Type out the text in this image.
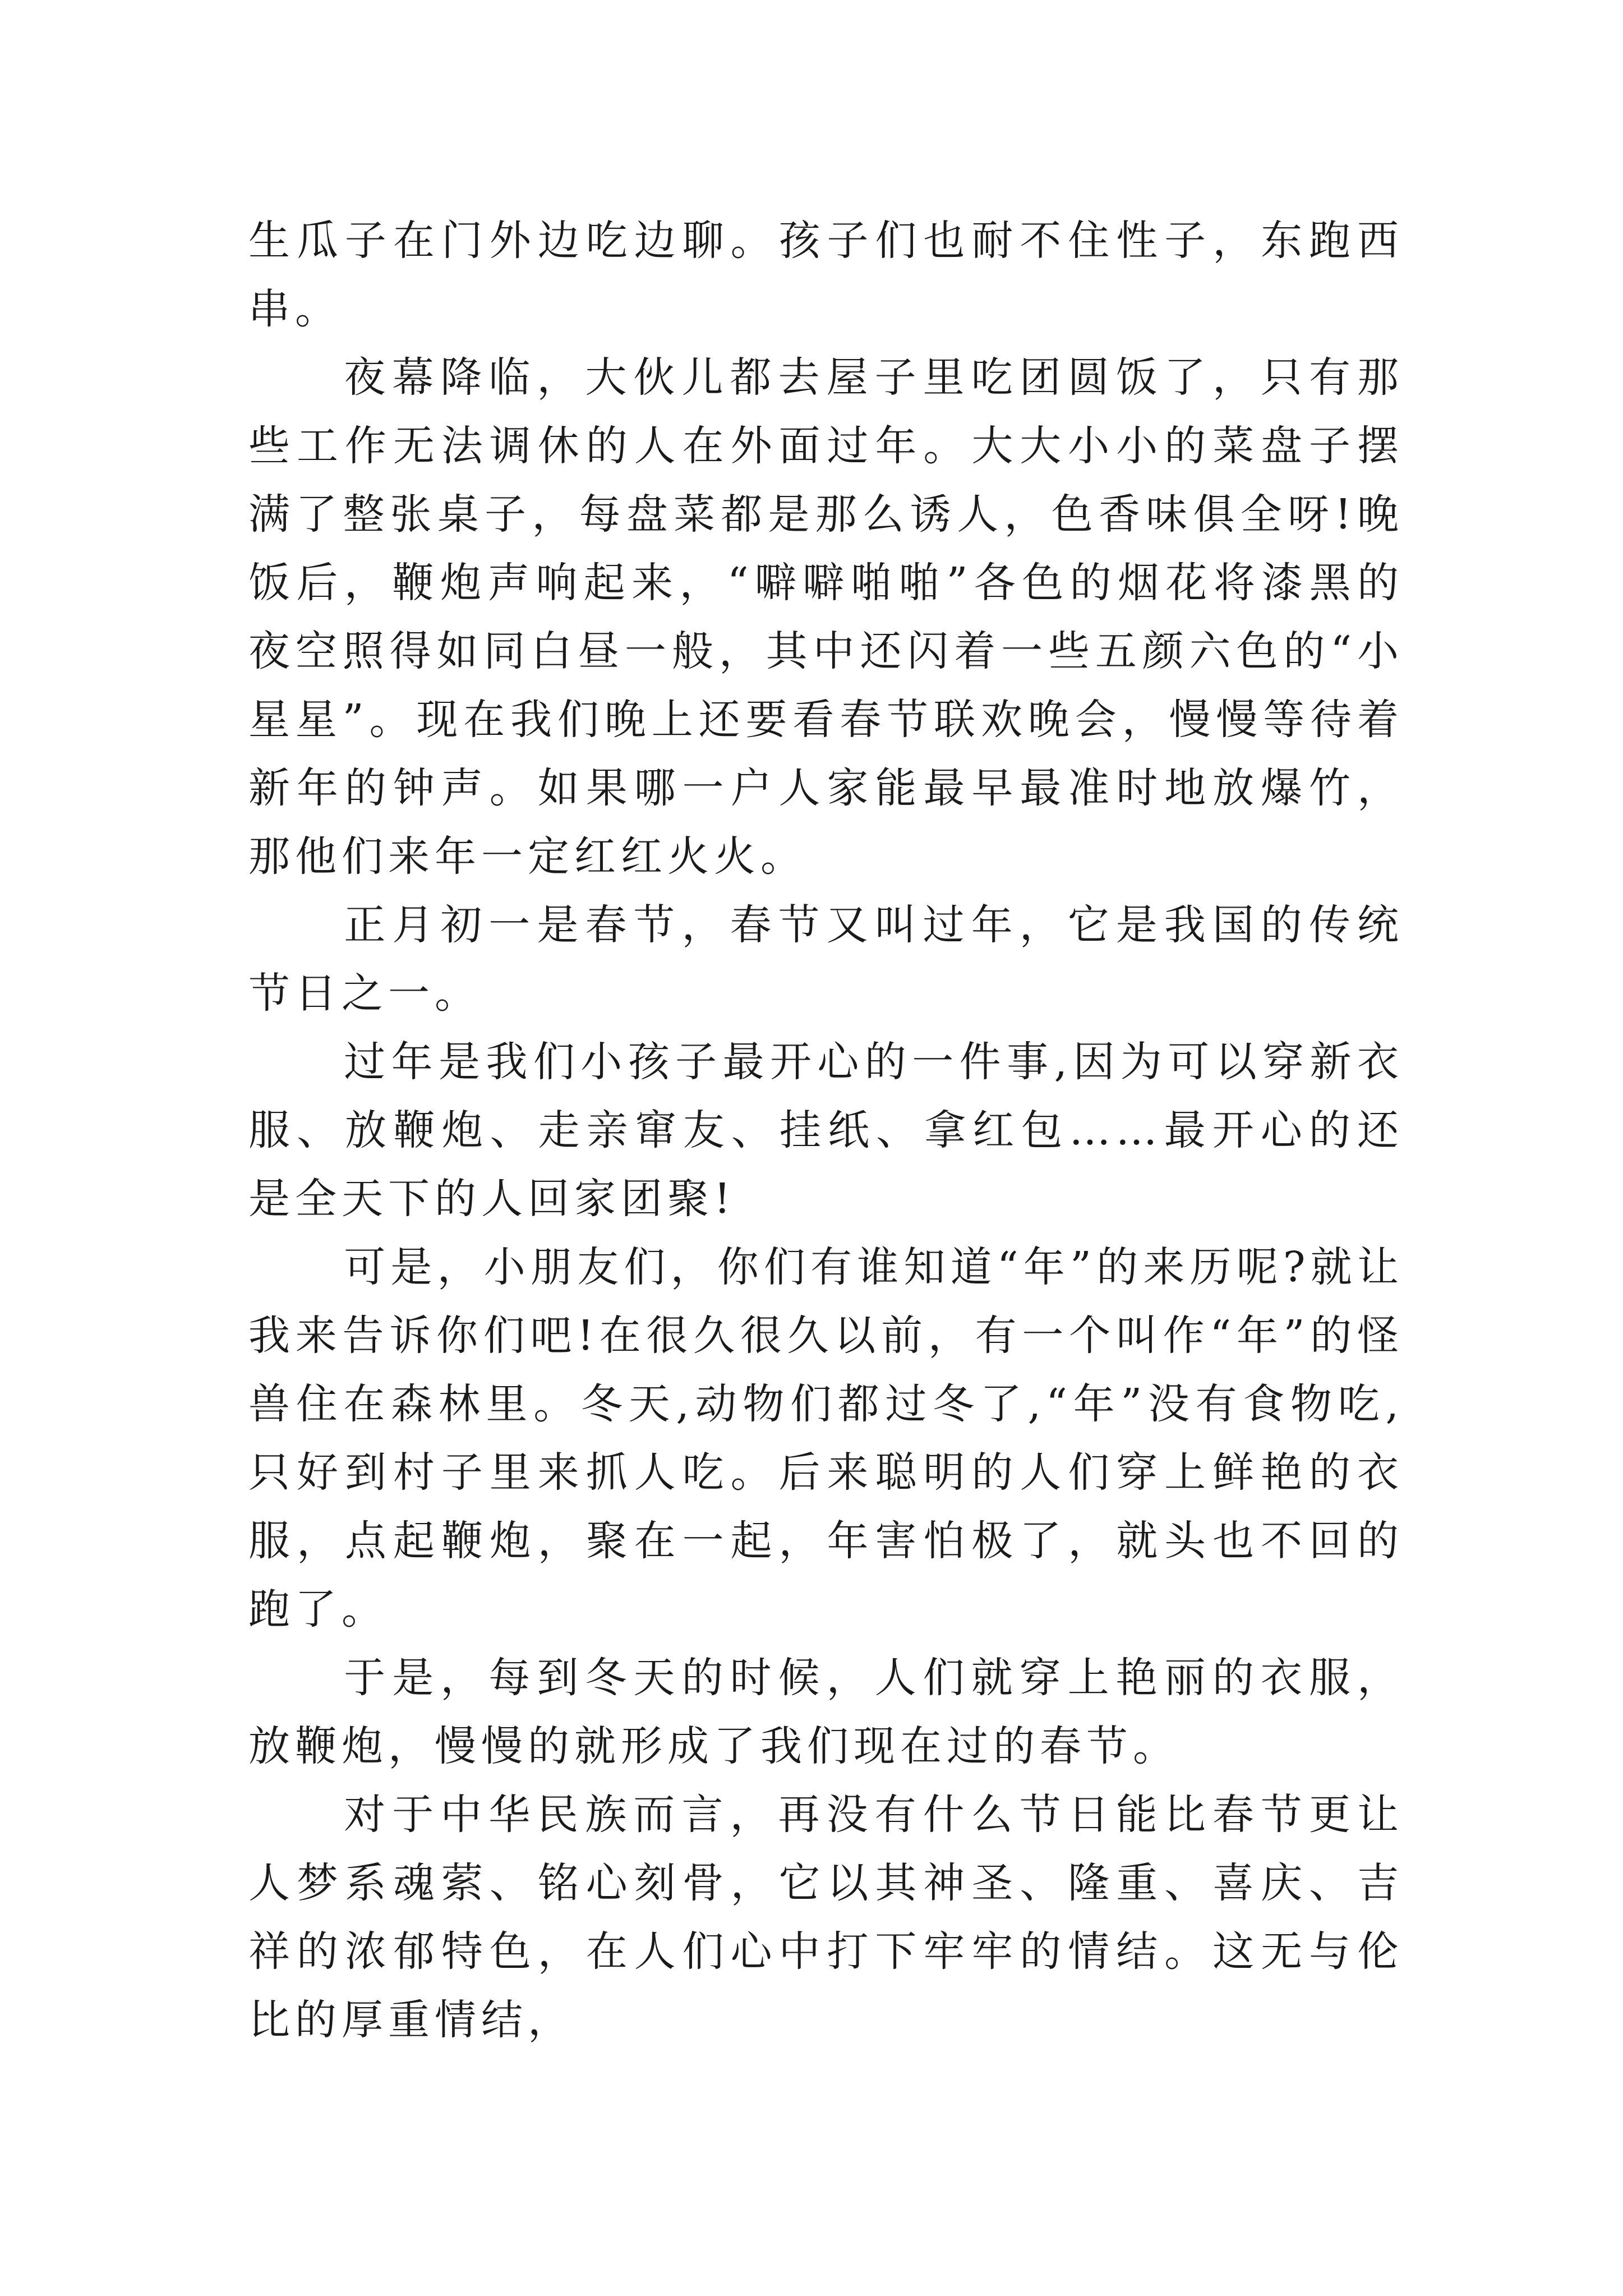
生瓜子在门外边吃边聊。孩子们也耐不住性子，东跑西串。

夜幕降临，大伙儿都去屋子里吃团圆饭了，只有那些工作无法调休的人在外面过年。大大小小的菜盘子摆满了整张桌子，每盘菜都是那么诱人，色香味俱全呀!晚饭后，鞭炮声响起来，“噼噼啪啪”各色的烟花将漆黑的夜空照得如同白昼一般，其中还闪着一些五颜六色的“小星星”。现在我们晚上还要看春节联欢晚会，慢慢等待着新年的钟声。如果哪一户人家能最早最准时地放爆竹，那他们来年一定红红火火。

正月初一是春节，春节又叫过年，它是我国的传统节日之一。

过年是我们小孩子最开心的一件事,因为可以穿新衣服、放鞭炮、走亲窜友、挂纸、拿红包……最开心的还是全天下的人回家团聚!

可是，小朋友们，你们有谁知道“年”的来历呢?就让我来告诉你们吧!在很久很久以前，有一个叫作“年”的怪兽住在森林里。冬天,动物们都过冬了,“年”没有食物吃,只好到村子里来抓人吃。后来聪明的人们穿上鲜艳的衣服，点起鞭炮，聚在一起，年害怕极了，就头也不回的跑了。

于是，每到冬天的时候，人们就穿上艳丽的衣服，放鞭炮，慢慢的就形成了我们现在过的春节。

对于中华民族而言，再没有什么节日能比春节更让人梦系魂萦、铭心刻骨，它以其神圣、隆重、喜庆、吉祥的浓郁特色，在人们心中打下牢牢的情结。这无与伦比的厚重情结，
